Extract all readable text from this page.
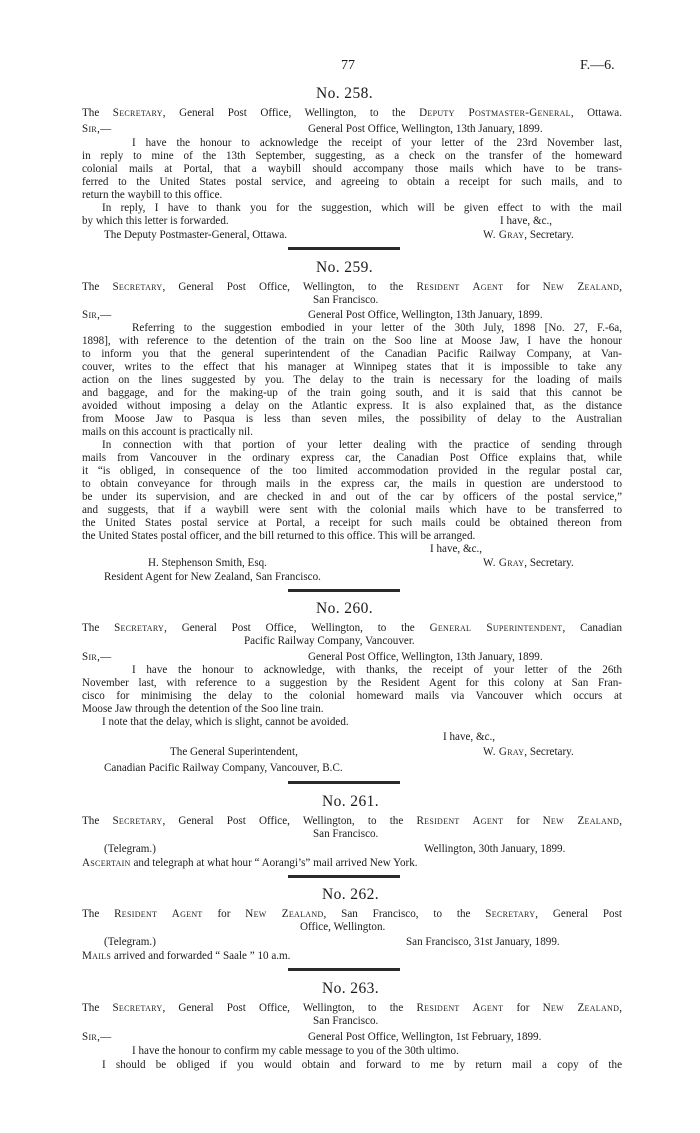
77	F.—6.
No. 258.
The Secretary, General Post Office, Wellington, to the Deputy Postmaster-General, Ottawa.
Sir,—	General Post Office, Wellington, 13th January, 1899.
I have the honour to acknowledge the receipt of your letter of the 23rd November last,
in reply to mine of the 13th September, suggesting, as a check on the transfer of the homeward
colonial mails at Portal, that a waybill should accompany those mails which have to be trans-
ferred to the United States postal service, and agreeing to obtain a receipt for such mails, and to
return the waybill to this office.
In reply, I have to thank you for the suggestion, which will be given effect to with the mail
by which this letter is forwarded.	I have, &c.,
The Deputy Postmaster-General, Ottawa.	W. Gray, Secretary.
No. 259.
The Secretary, General Post Office, Wellington, to the Resident Agent for New Zealand,
San Francisco.
Sir,—	General Post Office, Wellington, 13th January, 1899.
Referring to the suggestion embodied in your letter of the 30th July, 1898 [No. 27, F.-6a,
1898], with reference to the detention of the train on the Soo line at Moose Jaw, I have the honour
to inform you that the general superintendent of the Canadian Pacific Railway Company, at Van-
couver, writes to the effect that his manager at Winnipeg states that it is impossible to take any
action on the lines suggested by you. The delay to the train is necessary for the loading of mails
and baggage, and for the making-up of the train going south, and it is said that this cannot be
avoided without imposing a delay on the Atlantic express. It is also explained that, as the distance
from Moose Jaw to Pasqua is less than seven miles, the possibility of delay to the Australian
mails on this account is practically nil.
In connection with that portion of your letter dealing with the practice of sending through
mails from Vancouver in the ordinary express car, the Canadian Post Office explains that, while
it “is obliged, in consequence of the too limited accommodation provided in the regular postal car,
to obtain conveyance for through mails in the express car, the mails in question are understood to
be under its supervision, and are checked in and out of the car by officers of the postal service,”
and suggests, that if a waybill were sent with the colonial mails which have to be transferred to
the United States postal service at Portal, a receipt for such mails could be obtained thereon from
the United States postal officer, and the bill returned to this office. This will be arranged.
I have, &c.,
H. Stephenson Smith, Esq.	W. Gray, Secretary.
Resident Agent for New Zealand, San Francisco.
No. 260.
The Secretary, General Post Office, Wellington, to the General Superintendent, Canadian
Pacific Railway Company, Vancouver.
Sir,—	General Post Office, Wellington, 13th January, 1899.
I have the honour to acknowledge, with thanks, the receipt of your letter of the 26th
November last, with reference to a suggestion by the Resident Agent for this colony at San Fran-
cisco for minimising the delay to the colonial homeward mails via Vancouver which occurs at
Moose Jaw through the detention of the Soo line train.
I note that the delay, which is slight, cannot be avoided.
I have, &c.,
The General Superintendent,	W. Gray, Secretary.
Canadian Pacific Railway Company, Vancouver, B.C.
No. 261.
The Secretary, General Post Office, Wellington, to the Resident Agent for New Zealand,
San Francisco.
(Telegram.)	Wellington, 30th January, 1899.
Ascertain and telegraph at what hour “ Aorangi’s” mail arrived New York.
No. 262.
The Resident Agent for New Zealand, San Francisco, to the Secretary, General Post
Office, Wellington.
(Telegram.)	San Francisco, 31st January, 1899.
Mails arrived and forwarded “ Saale ” 10 a.m.
No. 263.
The Secretary, General Post Office, Wellington, to the Resident Agent for New Zealand,
San Francisco.
Sir,—	General Post Office, Wellington, 1st February, 1899.
I have the honour to confirm my cable message to you of the 30th ultimo.
I should be obliged if you would obtain and forward to me by return mail a copy of the
